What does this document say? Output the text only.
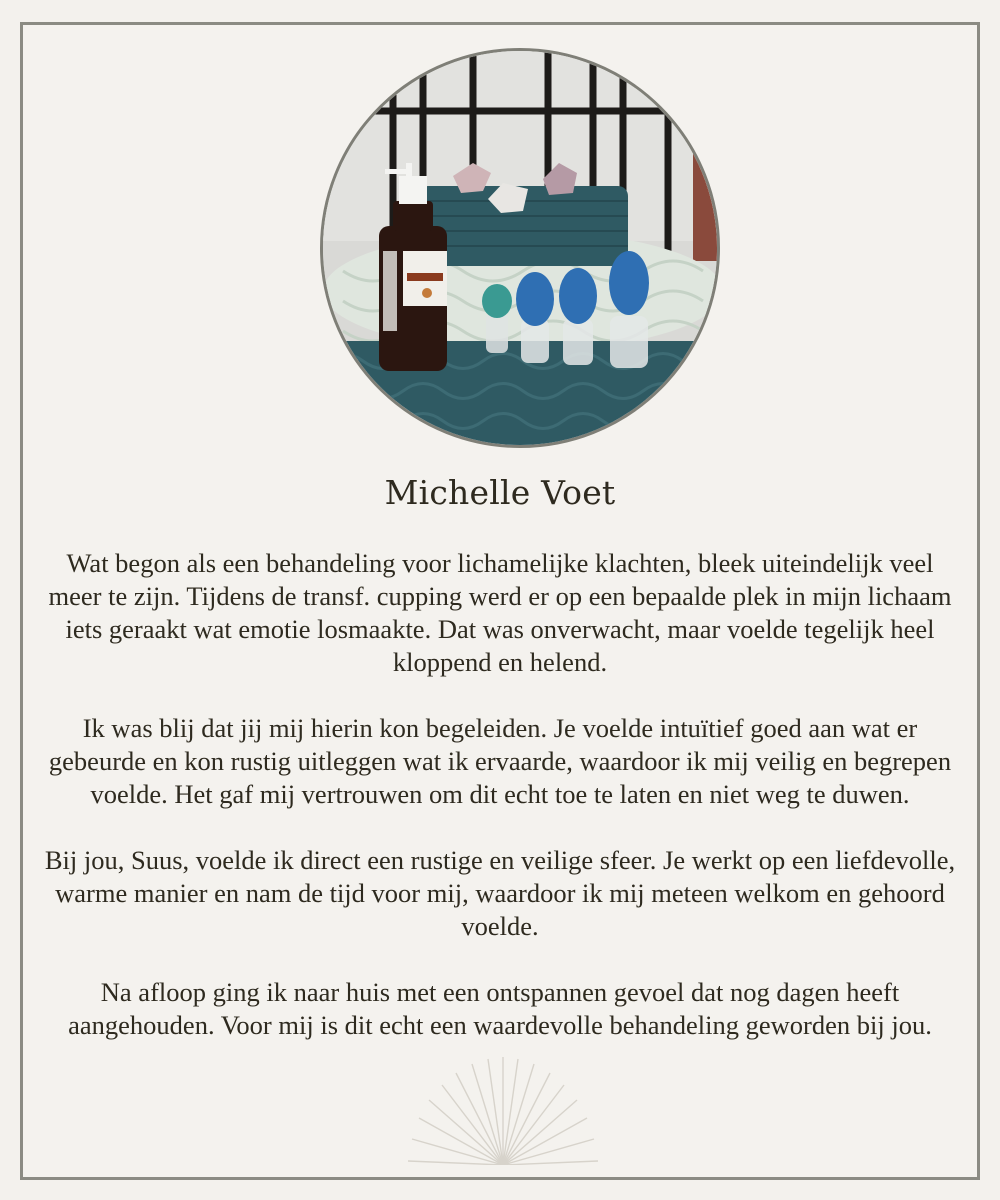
Michelle Voet

Wat begon als een behandeling voor lichamelijke klachten, bleek uiteindelijk veel meer te zijn. Tijdens de transf. cupping werd er op een bepaalde plek in mijn lichaam iets geraakt wat emotie losmaakte. Dat was onverwacht, maar voelde tegelijk heel kloppend en helend.

Ik was blij dat jij mij hierin kon begeleiden. Je voelde intuïtief goed aan wat er gebeurde en kon rustig uitleggen wat ik ervaarde, waardoor ik mij veilig en begrepen voelde. Het gaf mij vertrouwen om dit echt toe te laten en niet weg te duwen.

Bij jou, Suus, voelde ik direct een rustige en veilige sfeer. Je werkt op een liefdevolle, warme manier en nam de tijd voor mij, waardoor ik mij meteen welkom en gehoord voelde.

Na afloop ging ik naar huis met een ontspannen gevoel dat nog dagen heeft aangehouden. Voor mij is dit echt een waardevolle behandeling geworden bij jou.
